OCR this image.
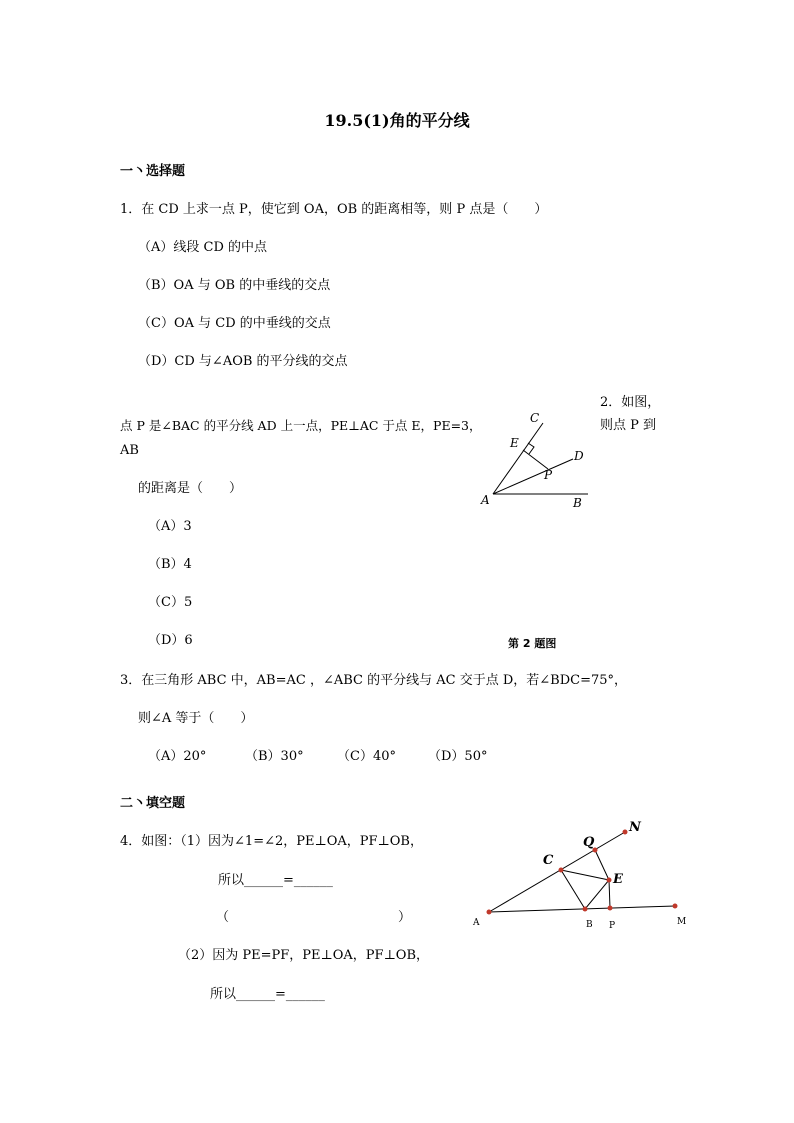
19.5(1)角的平分线
一丶选择题
1．在 CD 上求一点 P，使它到 OA，OB 的距离相等，则 P 点是（　　）
（A）线段 CD 的中点
（B）OA 与 OB 的中垂线的交点
（C）OA 与 CD 的中垂线的交点
（D）CD 与∠AOB 的平分线的交点
2．如图，
点 P 是∠BAC 的平分线 AD 上一点，PE⊥AC 于点 E，PE=3，	则点 P 到
AB
的距离是（　　）
（A）3
（B）4
（C）5
（D）6	第 2 题图
C
E
D
P
A	B
3．在三角形 ABC 中，AB=AC ，∠ABC 的平分线与 AC 交于点 D，若∠BDC=75°，
则∠A 等于（　　）
（A）20°	（B）30°	（C）40° （D）50°
二丶填空题
4．如图：（1）因为∠1=∠2，PE⊥OA，PF⊥OB，
所以______=______
（　　　　　　　　　　　　　）
（2）因为 PE=PF，PE⊥OA，PF⊥OB，
所以______=______
N
Q
C
E
A	B P	M
